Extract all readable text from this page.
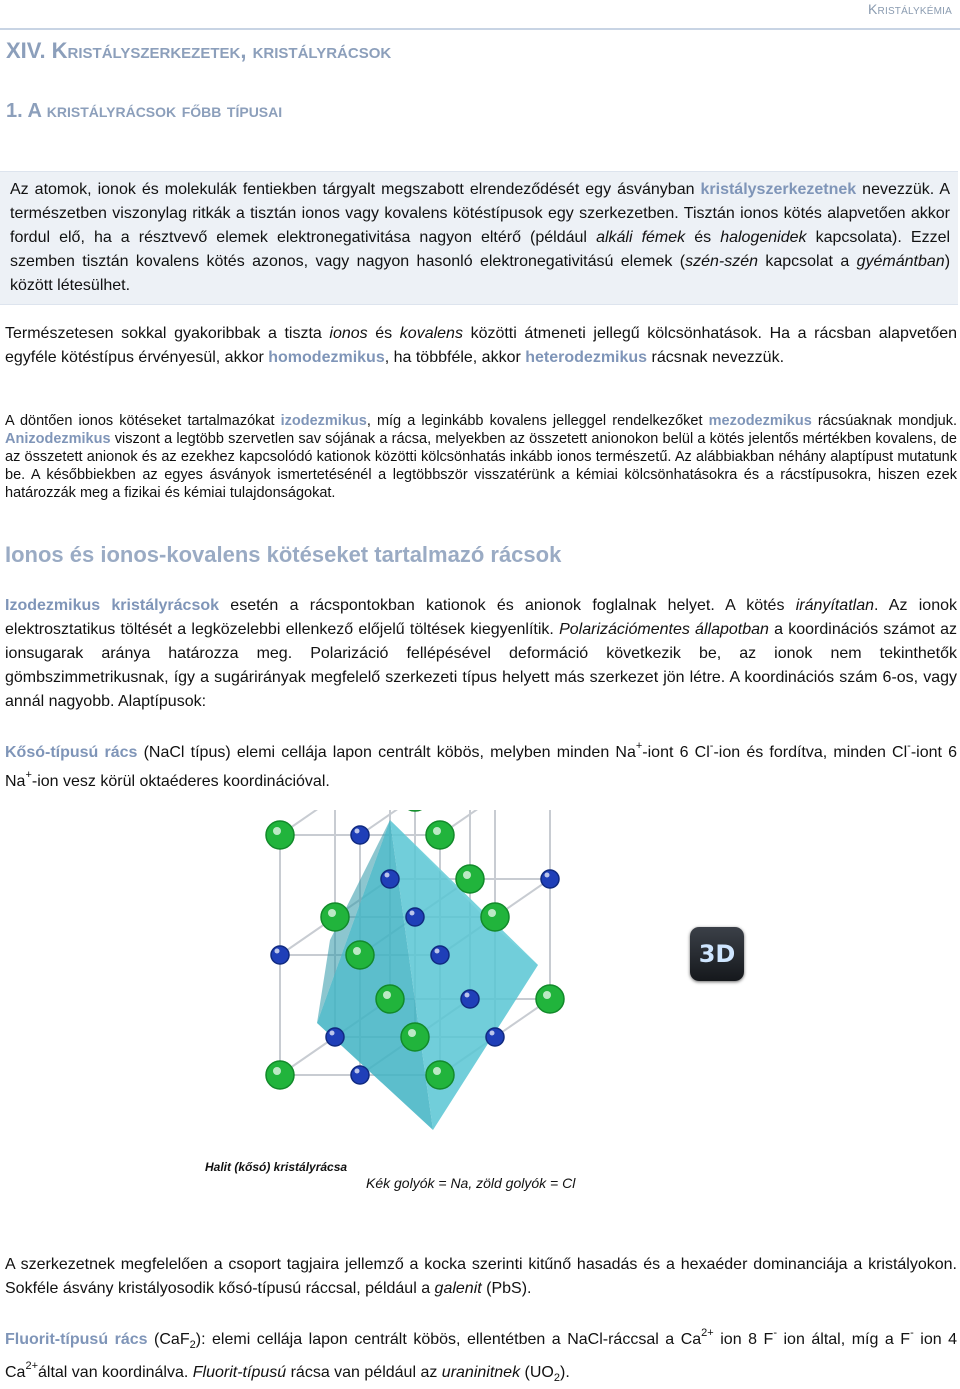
Kristálykémia
XIV. Kristályszerkezetek, kristályrácsok
1. A kristályrácsok főbb típusai

Az atomok, ionok és molekulák fentiekben tárgyalt megszabott elrendeződését egy ásványban kristályszerkezetnek nevezzük. A természetben viszonylag ritkák a tisztán ionos vagy kovalens kötéstípusok egy szerkezetben. Tisztán ionos kötés alapvetően akkor fordul elő, ha a résztvevő elemek elektronegativitása nagyon eltérő (például alkáli fémek és halogenidek kapcsolata). Ezzel szemben tisztán kovalens kötés azonos, vagy nagyon hasonló elektronegativitású elemek (szén-szén kapcsolat a gyémántban) között létesülhet.

Természetesen sokkal gyakoribbak a tiszta ionos és kovalens közötti átmeneti jellegű kölcsönhatások. Ha a rácsban alapvetően egyféle kötéstípus érvényesül, akkor homodezmikus, ha többféle, akkor heterodezmikus rácsnak nevezzük.

A döntően ionos kötéseket tartalmazókat izodezmikus, míg a leginkább kovalens jelleggel rendelkezőket mezodezmikus rácsúaknak mondjuk. Anizodezmikus viszont a legtöbb szervetlen sav sójának a rácsa, melyekben az összetett anionokon belül a kötés jelentős mértékben kovalens, de az összetett anionok és az ezekhez kapcsolódó kationok közötti kölcsönhatás inkább ionos természetű. Az alábbiakban néhány alaptípust mutatunk be. A későbbiekben az egyes ásványok ismertetésénél a legtöbbször visszatérünk a kémiai kölcsönhatásokra és a rácstípusokra, hiszen ezek határozzák meg a fizikai és kémiai tulajdonságokat.

Ionos és ionos-kovalens kötéseket tartalmazó rácsok

Izodezmikus kristályrácsok esetén a rácspontokban kationok és anionok foglalnak helyet. A kötés irányítatlan. Az ionok elektrosztatikus töltését a legközelebbi ellenkező előjelű töltések kiegyenlítik. Polarizációmentes állapotban a koordinációs számot az ionsugarak aránya határozza meg. Polarizáció fellépésével deformáció következik be, az ionok nem tekinthetők gömbszimmetrikusnak, így a sugárirányak megfelelő szerkezeti típus helyett más szerkezet jön létre. A koordinációs szám 6-os, vagy annál nagyobb. Alaptípusok:

Kősó-típusú rács (NaCl típus) elemi cellája lapon centrált köbös, melyben minden Na+-iont 6 Cl--ion és fordítva, minden Cl--iont 6 Na+-ion vesz körül oktaéderes koordinációval.

3D
Halit (kősó) kristályrácsa
Kék golyók = Na, zöld golyók = Cl

A szerkezetnek megfelelően a csoport tagjaira jellemző a kocka szerinti kitűnő hasadás és a hexaéder dominanciája a kristályokon. Sokféle ásvány kristályosodik kősó-típusú ráccsal, például a galenit (PbS).

Fluorit-típusú rács (CaF$_2$): elemi cellája lapon centrált köbös, ellentétben a NaCl-ráccsal a $Ca^{2+}$ ion 8 F- ion által, míg a F- ion 4 $Ca^{2+}által$ van koordinálva. Fluorit-típusú rácsa van például az uraninitnek $(UO_2)$.
